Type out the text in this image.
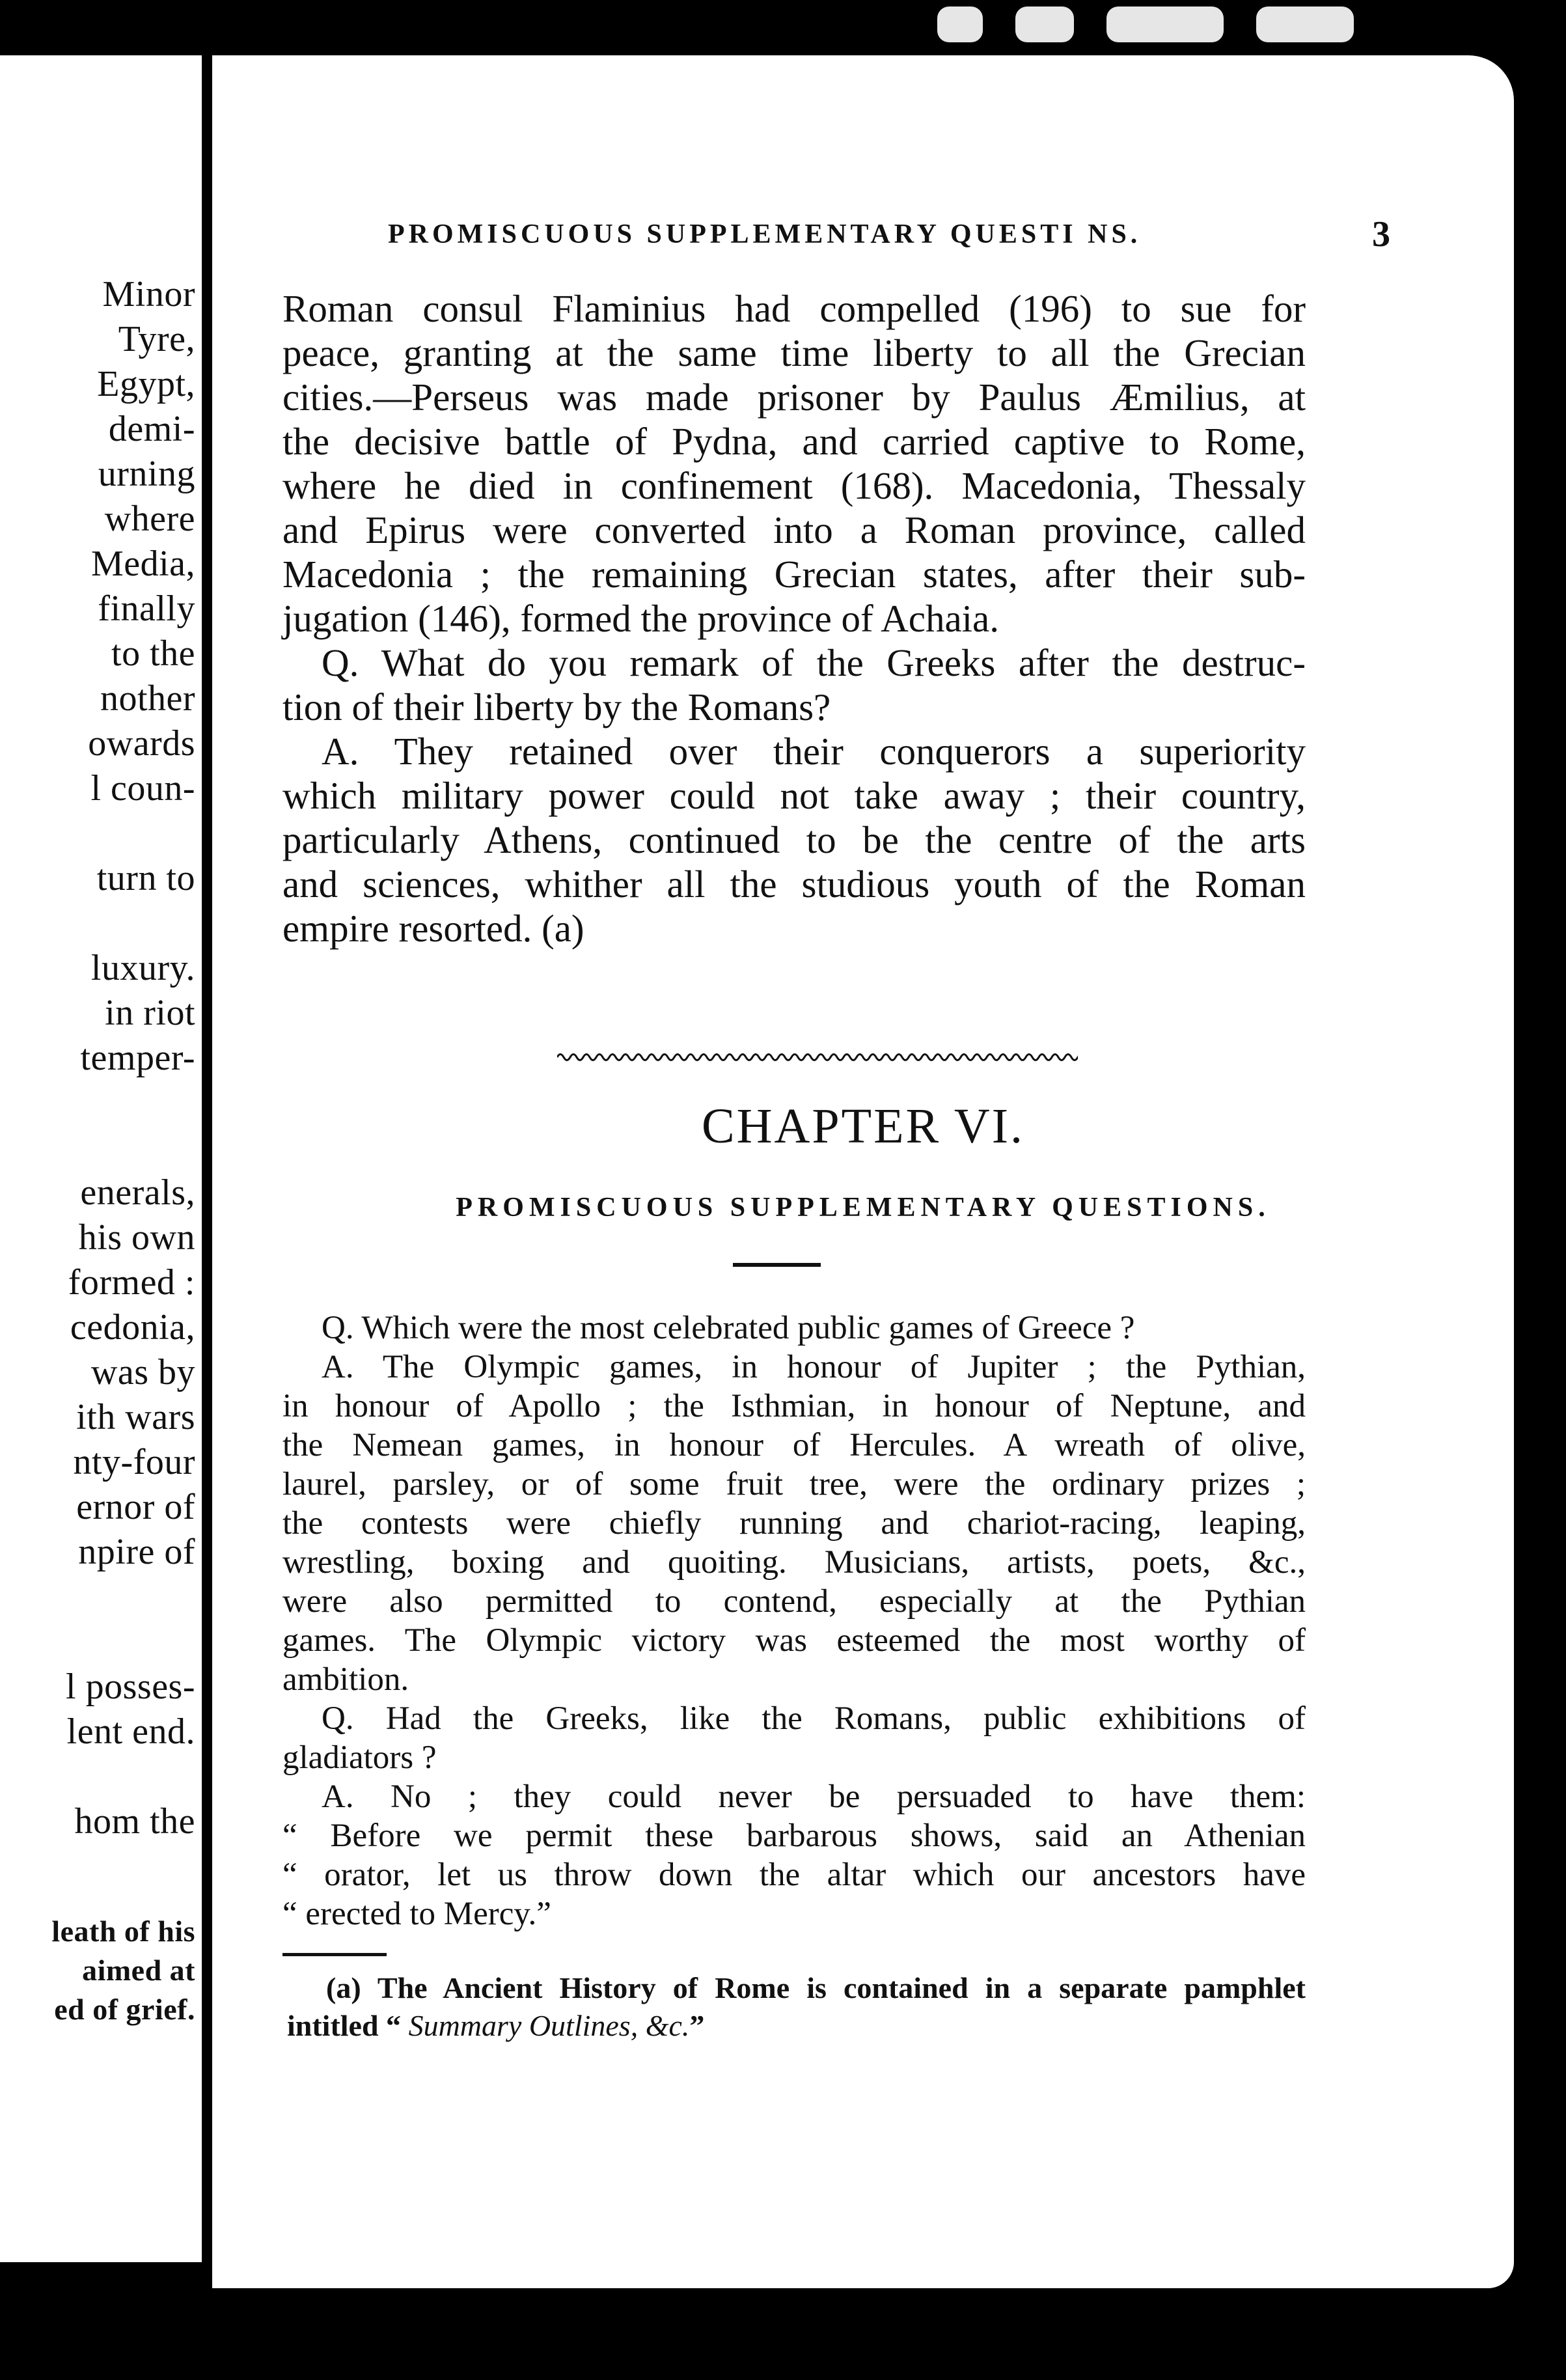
Minor
Tyre,
Egypt,
demi-
urning
where
Media,
finally
to the
nother
owards
l coun-
turn to
luxury.
in riot
temper-
enerals,
his own
formed :
cedonia,
was by
ith wars
nty-four
ernor of
npire of
l posses-
lent end.
hom the
leath of his
aimed at
ed of grief.
PROMISCUOUS SUPPLEMENTARY QUESTI NS.	3

Roman consul Flaminius had compelled (196) to sue for

peace, granting at the same time liberty to all the Grecian

cities.—Perseus was made prisoner by Paulus Æmilius, at

the decisive battle of Pydna, and carried captive to Rome,

where he died in confinement (168). Macedonia, Thessaly

and Epirus were converted into a Roman province, called

Macedonia ; the remaining Grecian states, after their sub-

jugation (146), formed the province of Achaia.

Q. What do you remark of the Greeks after the destruc-

tion of their liberty by the Romans?

A. They retained over their conquerors a superiority

which military power could not take away ; their country,

particularly Athens, continued to be the centre of the arts

and sciences, whither all the studious youth of the Roman

empire resorted. (a)

CHAPTER VI.
PROMISCUOUS SUPPLEMENTARY QUESTIONS.

Q. Which were the most celebrated public games of Greece ?

A. The Olympic games, in honour of Jupiter ; the Pythian,

in honour of Apollo ; the Isthmian, in honour of Neptune, and

the Nemean games, in honour of Hercules. A wreath of olive,

laurel, parsley, or of some fruit tree, were the ordinary prizes ;

the contests were chiefly running and chariot-racing, leaping,

wrestling, boxing and quoiting. Musicians, artists, poets, &c.,

were also permitted to contend, especially at the Pythian

games. The Olympic victory was esteemed the most worthy of

ambition.

Q. Had the Greeks, like the Romans, public exhibitions of

gladiators ?

A. No ; they could never be persuaded to have them:

“ Before we permit these barbarous shows, said an Athenian

“ orator, let us throw down the altar which our ancestors have

“ erected to Mercy.”

(a) The Ancient History of Rome is contained in a separate pamphlet

intitled “ Summary Outlines, &c.”
